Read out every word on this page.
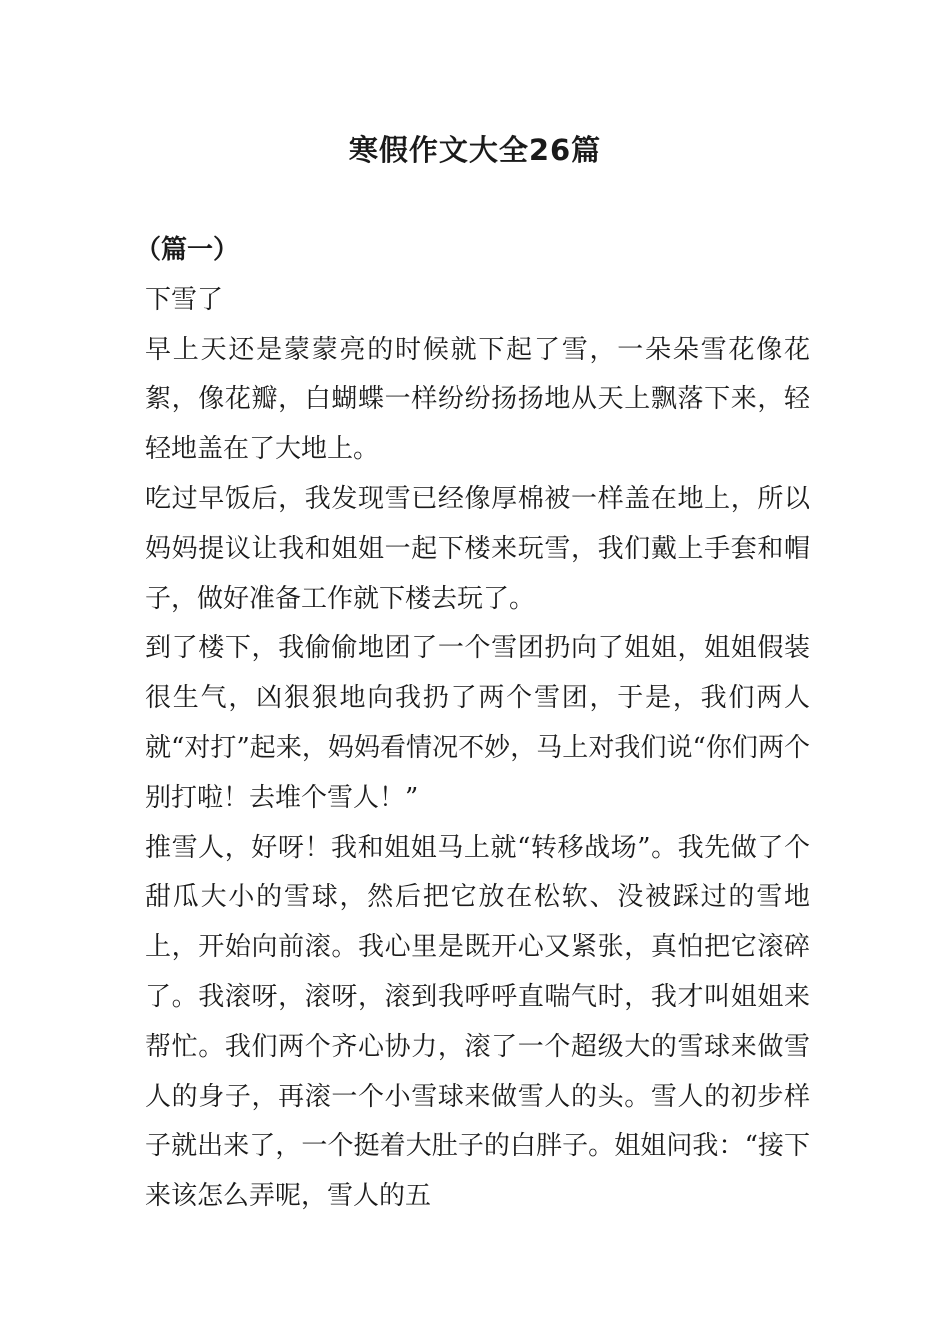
寒假作文大全26篇

（篇一）

下雪了

早上天还是蒙蒙亮的时候就下起了雪，一朵朵雪花像花絮，像花瓣，白蝴蝶一样纷纷扬扬地从天上飘落下来，轻轻地盖在了大地上。

吃过早饭后，我发现雪已经像厚棉被一样盖在地上，所以妈妈提议让我和姐姐一起下楼来玩雪，我们戴上手套和帽子，做好准备工作就下楼去玩了。

到了楼下，我偷偷地团了一个雪团扔向了姐姐，姐姐假装很生气，凶狠狠地向我扔了两个雪团，于是，我们两人就“对打”起来，妈妈看情况不妙，马上对我们说“你们两个别打啦！去堆个雪人！”

推雪人，好呀！我和姐姐马上就“转移战场”。我先做了个甜瓜大小的雪球，然后把它放在松软、没被踩过的雪地上，开始向前滚。我心里是既开心又紧张，真怕把它滚碎了。我滚呀，滚呀，滚到我呼呼直喘气时，我才叫姐姐来帮忙。我们两个齐心协力，滚了一个超级大的雪球来做雪人的身子，再滚一个小雪球来做雪人的头。雪人的初步样子就出来了，一个挺着大肚子的白胖子。姐姐问我：“接下来该怎么弄呢，雪人的五
